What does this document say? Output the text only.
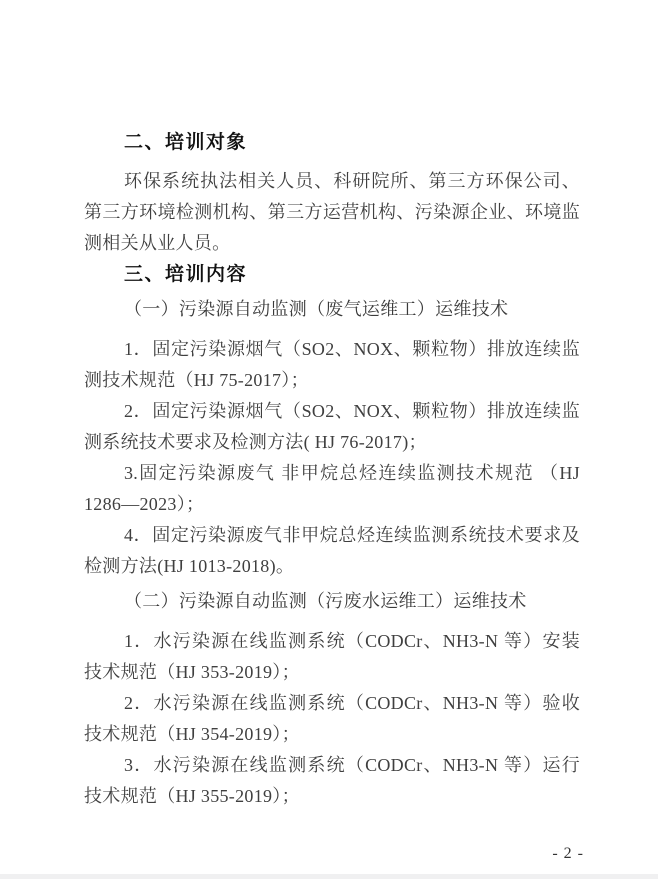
二、培训对象

环保系统执法相关人员、科研院所、第三方环保公司、第三方环境检测机构、第三方运营机构、污染源企业、环境监测相关从业人员。

三、培训内容

（一）污染源自动监测（废气运维工）运维技术

1．固定污染源烟气（SO2、NOX、颗粒物）排放连续监测技术规范（HJ 75-2017）；

2．固定污染源烟气（SO2、NOX、颗粒物）排放连续监测系统技术要求及检测方法( HJ 76-2017)；

3.固定污染源废气 非甲烷总烃连续监测技术规范 （HJ 1286—2023）；

4．固定污染源废气非甲烷总烃连续监测系统技术要求及检测方法(HJ 1013-2018)。

（二）污染源自动监测（污废水运维工）运维技术

1．水污染源在线监测系统（CODCr、NH3-N 等）安装技术规范（HJ 353-2019）；

2．水污染源在线监测系统（CODCr、NH3-N 等）验收技术规范（HJ 354-2019）；

3．水污染源在线监测系统（CODCr、NH3-N 等）运行技术规范（HJ 355-2019）；

- 2 -
